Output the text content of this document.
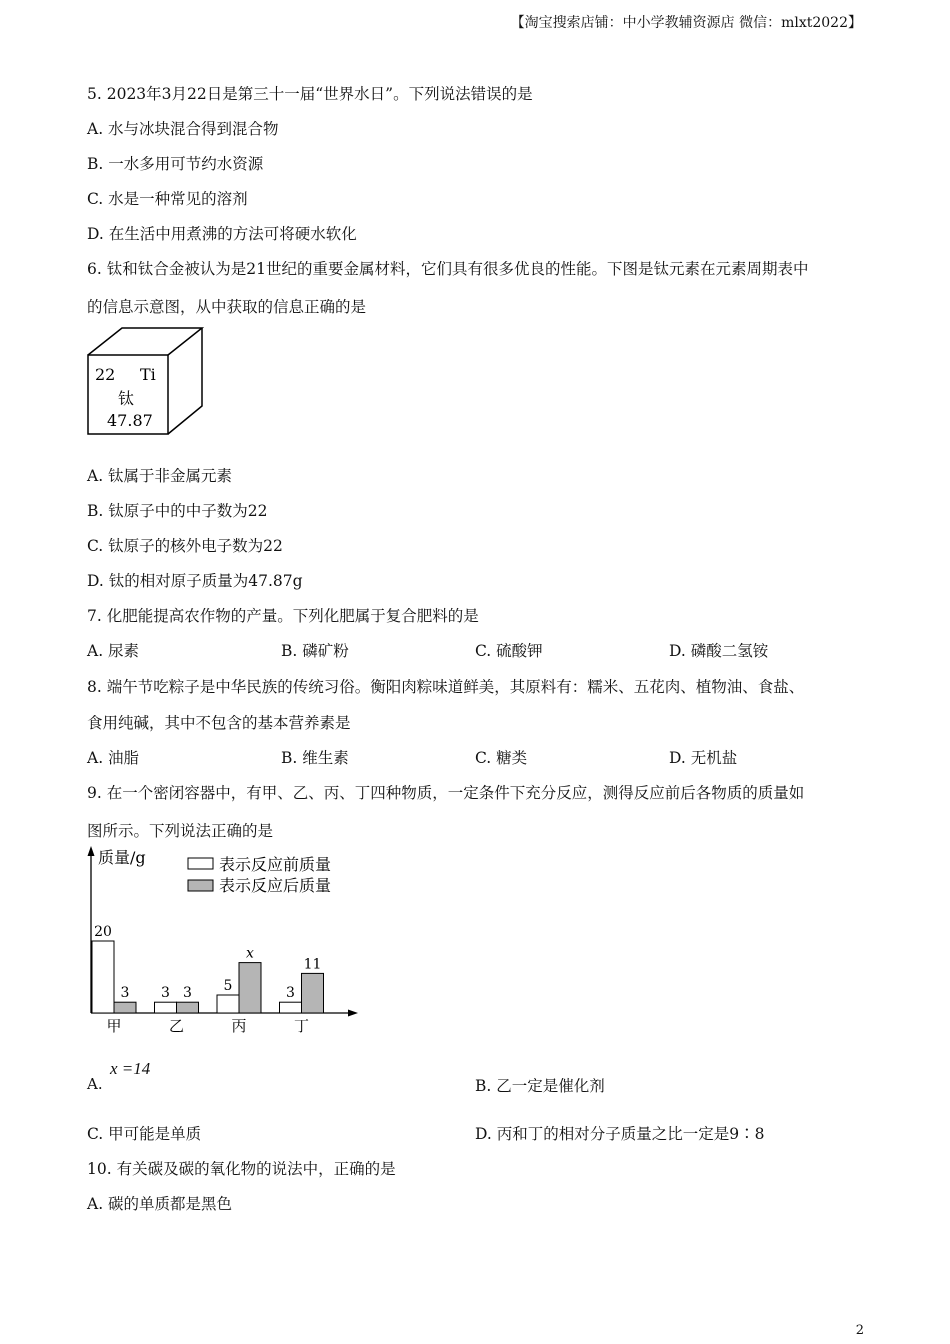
【淘宝搜索店铺：中小学教辅资源店 微信：mlxt2022】
5. 2023年3月22日是第三十一届“世界水日”。下列说法错误的是
A. 水与冰块混合得到混合物
B. 一水多用可节约水资源
C. 水是一种常见的溶剂
D. 在生活中用煮沸的方法可将硬水软化
6. 钛和钛合金被认为是21世纪的重要金属材料，它们具有很多优良的性能。下图是钛元素在元素周期表中
的信息示意图，从中获取的信息正确的是
22 Ti
钛
47.87
A. 钛属于非金属元素
B. 钛原子中的中子数为22
C. 钛原子的核外电子数为22
D. 钛的相对原子质量为47.87g
7. 化肥能提高农作物的产量。下列化肥属于复合肥料的是
A. 尿素	B. 磷矿粉	C. 硫酸钾	D. 磷酸二氢铵
8. 端午节吃粽子是中华民族的传统习俗。衡阳肉粽味道鲜美，其原料有：糯米、五花肉、植物油、食盐、
食用纯碱，其中不包含的基本营养素是
A. 油脂	B. 维生素	C. 糖类	D. 无机盐
9. 在一个密闭容器中，有甲、乙、丙、丁四种物质，一定条件下充分反应，测得反应前后各物质的质量如
图所示。下列说法正确的是
质量/g	表示反应前质量
表示反应后质量
20
3
甲
3 3
乙
5
x
丙
3
11
丁
A.
x =14
B. 乙一定是催化剂
C. 甲可能是单质	D. 丙和丁的相对分子质量之比一定是9∶8
10. 有关碳及碳的氧化物的说法中，正确的是
A. 碳的单质都是黑色
2
